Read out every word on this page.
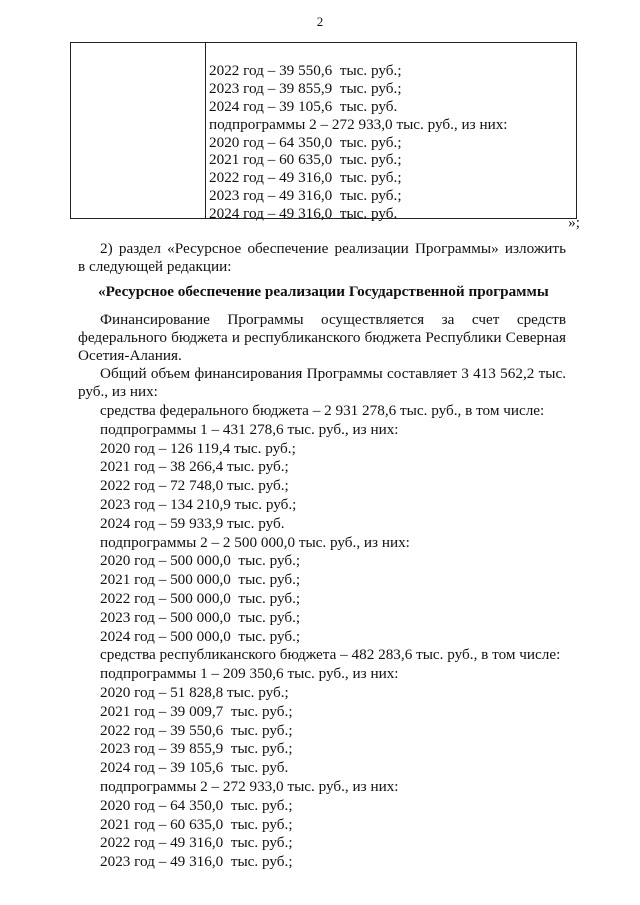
2
2022 год – 39 550,6  тыс. руб.;
2023 год – 39 855,9  тыс. руб.;
2024 год – 39 105,6  тыс. руб.
подпрограммы 2 – 272 933,0 тыс. руб., из них:
2020 год – 64 350,0  тыс. руб.;
2021 год – 60 635,0  тыс. руб.;
2022 год – 49 316,0  тыс. руб.;
2023 год – 49 316,0  тыс. руб.;
2024 год – 49 316,0  тыс. руб.
»;
2) раздел «Ресурсное обеспечение реализации Программы» изложить
в следующей редакции:
«Ресурсное обеспечение реализации Государственной программы
Финансирование Программы осуществляется за счет средств
федерального бюджета и республиканского бюджета Республики Северная
Осетия-Алания.
Общий объем финансирования Программы составляет 3 413 562,2 тыс.
руб., из них:
средства федерального бюджета – 2 931 278,6 тыс. руб., в том числе:
подпрограммы 1 – 431 278,6 тыс. руб., из них:
2020 год – 126 119,4 тыс. руб.;
2021 год – 38 266,4 тыс. руб.;
2022 год – 72 748,0 тыс. руб.;
2023 год – 134 210,9 тыс. руб.;
2024 год – 59 933,9 тыс. руб.
подпрограммы 2 – 2 500 000,0 тыс. руб., из них:
2020 год – 500 000,0  тыс. руб.;
2021 год – 500 000,0  тыс. руб.;
2022 год – 500 000,0  тыс. руб.;
2023 год – 500 000,0  тыс. руб.;
2024 год – 500 000,0  тыс. руб.;
средства республиканского бюджета – 482 283,6 тыс. руб., в том числе:
подпрограммы 1 – 209 350,6 тыс. руб., из них:
2020 год – 51 828,8 тыс. руб.;
2021 год – 39 009,7  тыс. руб.;
2022 год – 39 550,6  тыс. руб.;
2023 год – 39 855,9  тыс. руб.;
2024 год – 39 105,6  тыс. руб.
подпрограммы 2 – 272 933,0 тыс. руб., из них:
2020 год – 64 350,0  тыс. руб.;
2021 год – 60 635,0  тыс. руб.;
2022 год – 49 316,0  тыс. руб.;
2023 год – 49 316,0  тыс. руб.;
